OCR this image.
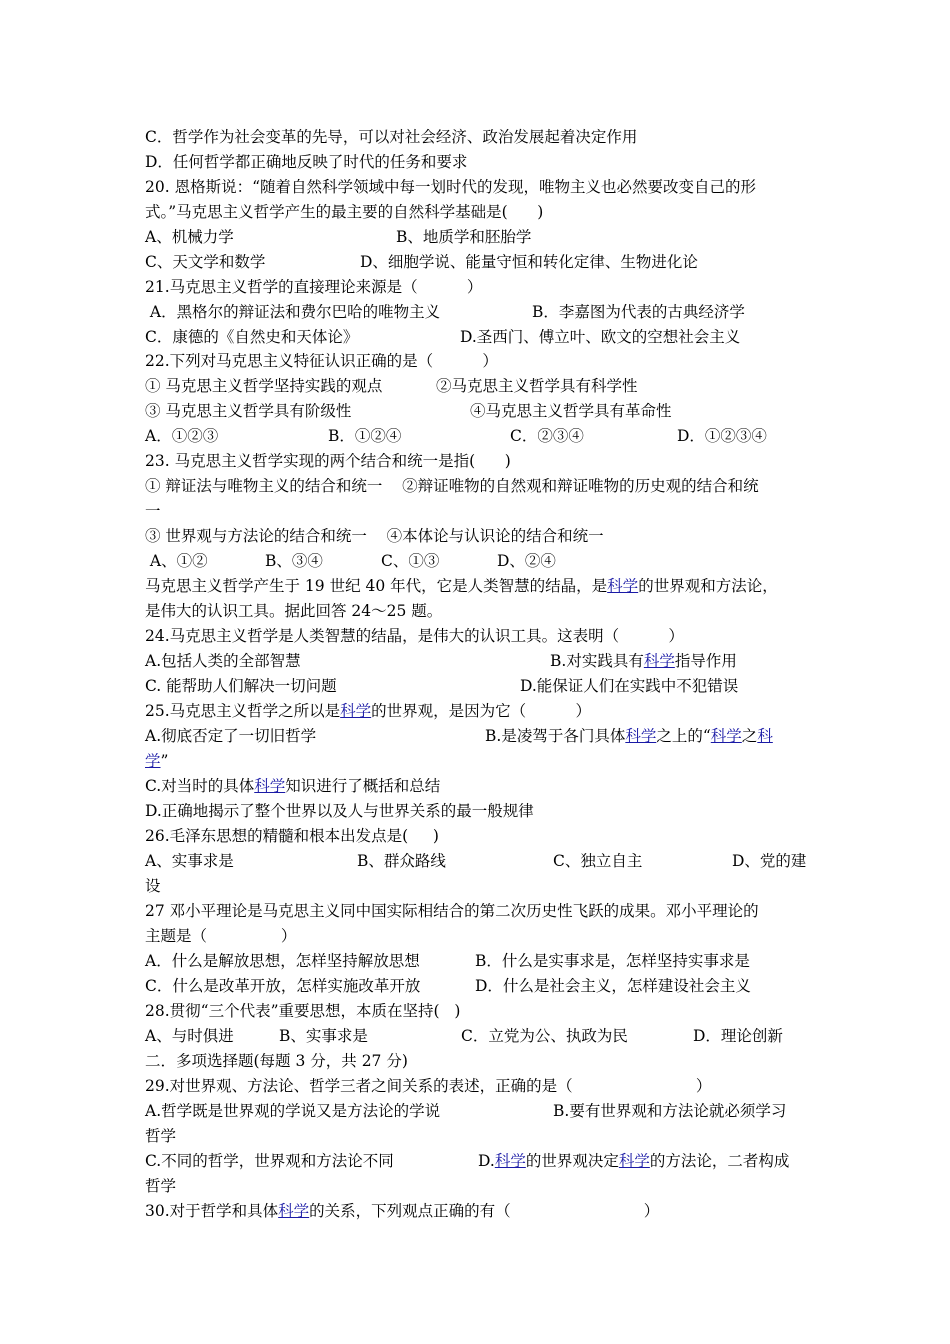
C．哲学作为社会变革的先导，可以对社会经济、政治发展起着决定作用
D．任何哲学都正确地反映了时代的任务和要求
20. 恩格斯说：“随着自然科学领域中每一划时代的发现，唯物主义也必然要改变自己的形
式。”马克思主义哲学产生的最主要的自然科学基础是(      )
A、机械力学	B、地质学和胚胎学
C、天文学和数学	D、细胞学说、能量守恒和转化定律、生物进化论
21.马克思主义哲学的直接理论来源是（          ）
A．黑格尔的辩证法和费尔巴哈的唯物主义	B．李嘉图为代表的古典经济学
C．康德的《自然史和天体论》	D.圣西门、傅立叶、欧文的空想社会主义
22.下列对马克思主义特征认识正确的是（          ）
① 马克思主义哲学坚持实践的观点	②马克思主义哲学具有科学性
③ 马克思主义哲学具有阶级性	④马克思主义哲学具有革命性
A．①②③	B．①②④	C．②③④	D．①②③④
23. 马克思主义哲学实现的两个结合和统一是指(      )
① 辩证法与唯物主义的结合和统一    ②辩证唯物的自然观和辩证唯物的历史观的结合和统
一
③ 世界观与方法论的结合和统一    ④本体论与认识论的结合和统一
A、①②	B、③④	C、①③	D、②④
马克思主义哲学产生于 19 世纪 40 年代，它是人类智慧的结晶，是科学的世界观和方法论，
是伟大的认识工具。据此回答 24～25 题。
24.马克思主义哲学是人类智慧的结晶，是伟大的认识工具。这表明（          ）
A.包括人类的全部智慧	B.对实践具有科学指导作用
C. 能帮助人们解决一切问题	D.能保证人们在实践中不犯错误
25.马克思主义哲学之所以是科学的世界观，是因为它（          ）
A.彻底否定了一切旧哲学	B.是凌驾于各门具体科学之上的“科学之科
学”
C.对当时的具体科学知识进行了概括和总结
D.正确地揭示了整个世界以及人与世界关系的最一般规律
26.毛泽东思想的精髓和根本出发点是(     )
A、实事求是	B、群众路线	C、独立自主	D、党的建
设
27 邓小平理论是马克思主义同中国实际相结合的第二次历史性飞跃的成果。邓小平理论的
主题是（               ）
A．什么是解放思想，怎样坚持解放思想	B．什么是实事求是，怎样坚持实事求是
C．什么是改革开放，怎样实施改革开放	D．什么是社会主义，怎样建设社会主义
28.贯彻“三个代表”重要思想，本质在坚持(   )
A、与时俱进	B、实事求是	C．立党为公、执政为民	D．理论创新
二．多项选择题(每题 3 分，共 27 分)
29.对世界观、方法论、哲学三者之间关系的表述，正确的是（                         ）
A.哲学既是世界观的学说又是方法论的学说	B.要有世界观和方法论就必须学习
哲学
C.不同的哲学，世界观和方法论不同	D.科学的世界观决定科学的方法论，二者构成
哲学
30.对于哲学和具体科学的关系，下列观点正确的有（                           ）
